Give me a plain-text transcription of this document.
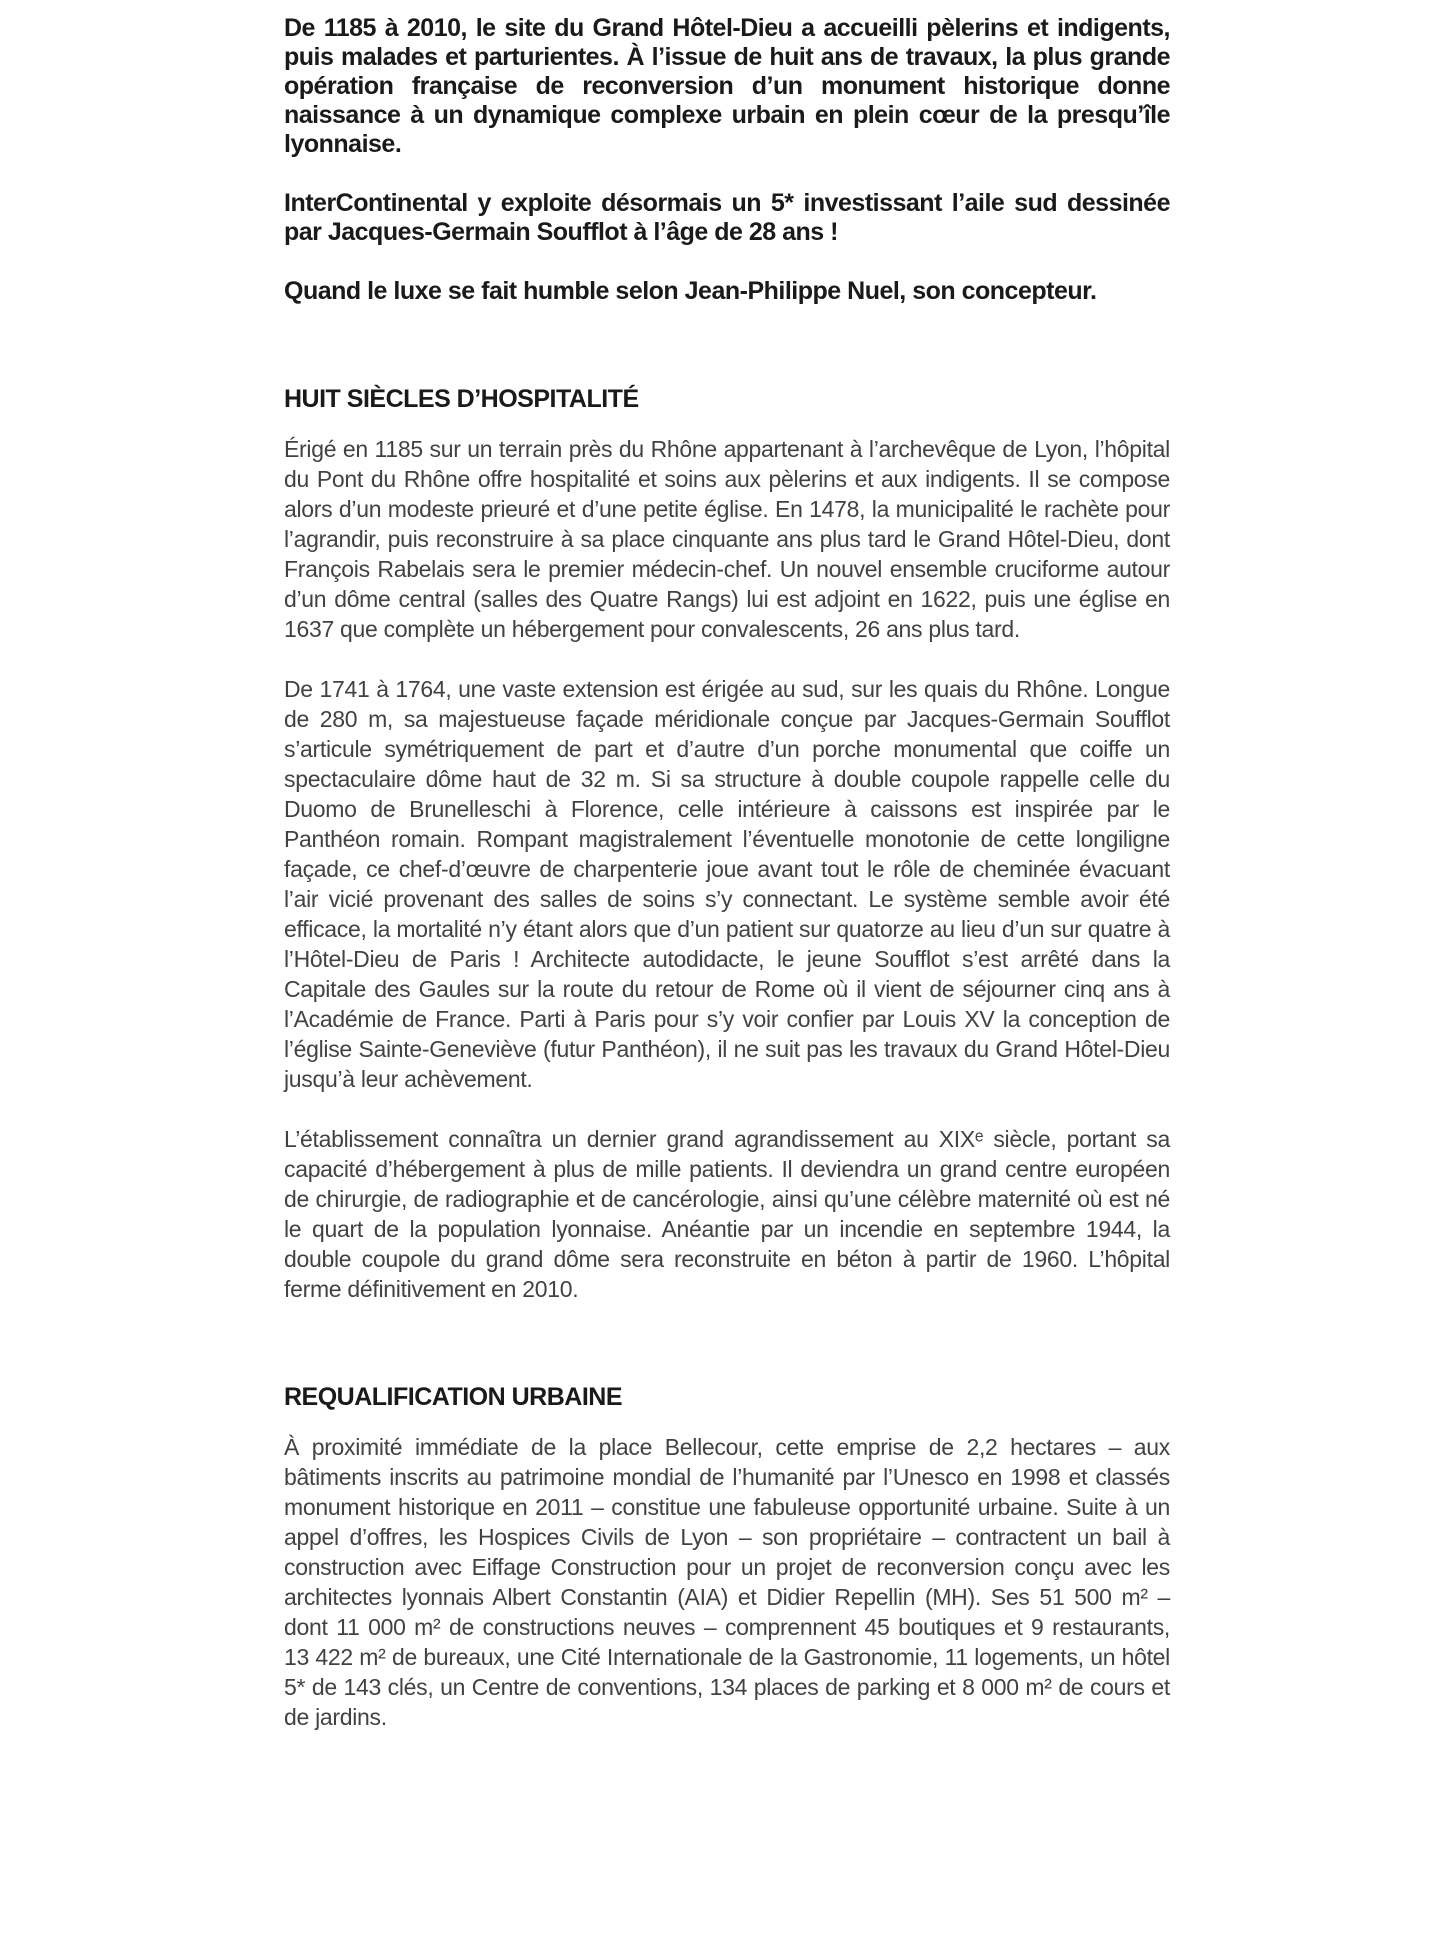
De 1185 à 2010, le site du Grand Hôtel-Dieu a accueilli pèlerins et indigents, puis malades et parturientes. À l’issue de huit ans de travaux, la plus grande opération française de reconversion d’un monument historique donne naissance à un dynamique complexe urbain en plein cœur de la presqu’île lyonnaise.

InterContinental y exploite désormais un 5* investissant l’aile sud dessinée par Jacques-Germain Soufflot à l’âge de 28 ans !

Quand le luxe se fait humble selon Jean-Philippe Nuel, son concepteur.

HUIT SIÈCLES D’HOSPITALITÉ

Érigé en 1185 sur un terrain près du Rhône appartenant à l’archevêque de Lyon, l’hôpital du Pont du Rhône offre hospitalité et soins aux pèlerins et aux indigents. Il se compose alors d’un modeste prieuré et d’une petite église. En 1478, la municipalité le rachète pour l’agrandir, puis reconstruire à sa place cinquante ans plus tard le Grand Hôtel-Dieu, dont François Rabelais sera le premier médecin-chef. Un nouvel ensemble cruciforme autour d’un dôme central (salles des Quatre Rangs) lui est adjoint en 1622, puis une église en 1637 que complète un hébergement pour convalescents, 26 ans plus tard.

De 1741 à 1764, une vaste extension est érigée au sud, sur les quais du Rhône. Longue de 280 m, sa majestueuse façade méridionale conçue par Jacques-Germain Soufflot s’articule symétriquement de part et d’autre d’un porche monumental que coiffe un spectaculaire dôme haut de 32 m. Si sa structure à double coupole rappelle celle du Duomo de Brunelleschi à Florence, celle intérieure à caissons est inspirée par le Panthéon romain. Rompant magistralement l’éventuelle monotonie de cette longiligne façade, ce chef-d’œuvre de charpenterie joue avant tout le rôle de cheminée évacuant l’air vicié provenant des salles de soins s’y connectant. Le système semble avoir été efficace, la mortalité n’y étant alors que d’un patient sur quatorze au lieu d’un sur quatre à l’Hôtel-Dieu de Paris ! Architecte autodidacte, le jeune Soufflot s’est arrêté dans la Capitale des Gaules sur la route du retour de Rome où il vient de séjourner cinq ans à l’Académie de France. Parti à Paris pour s’y voir confier par Louis XV la conception de l’église Sainte-Geneviève (futur Panthéon), il ne suit pas les travaux du Grand Hôtel-Dieu jusqu’à leur achèvement.

L’établissement connaîtra un dernier grand agrandissement au XIXᵉ siècle, portant sa capacité d’hébergement à plus de mille patients. Il deviendra un grand centre européen de chirurgie, de radiographie et de cancérologie, ainsi qu’une célèbre maternité où est né le quart de la population lyonnaise. Anéantie par un incendie en septembre 1944, la double coupole du grand dôme sera reconstruite en béton à partir de 1960. L’hôpital ferme définitivement en 2010.

REQUALIFICATION URBAINE

À proximité immédiate de la place Bellecour, cette emprise de 2,2 hectares – aux bâtiments inscrits au patrimoine mondial de l’humanité par l’Unesco en 1998 et classés monument historique en 2011 – constitue une fabuleuse opportunité urbaine. Suite à un appel d’offres, les Hospices Civils de Lyon – son propriétaire – contractent un bail à construction avec Eiffage Construction pour un projet de reconversion conçu avec les architectes lyonnais Albert Constantin (AIA) et Didier Repellin (MH). Ses 51 500 m² – dont 11 000 m² de constructions neuves – comprennent 45 boutiques et 9 restaurants, 13 422 m² de bureaux, une Cité Internationale de la Gastronomie, 11 logements, un hôtel 5* de 143 clés, un Centre de conventions, 134 places de parking et 8 000 m² de cours et de jardins.
